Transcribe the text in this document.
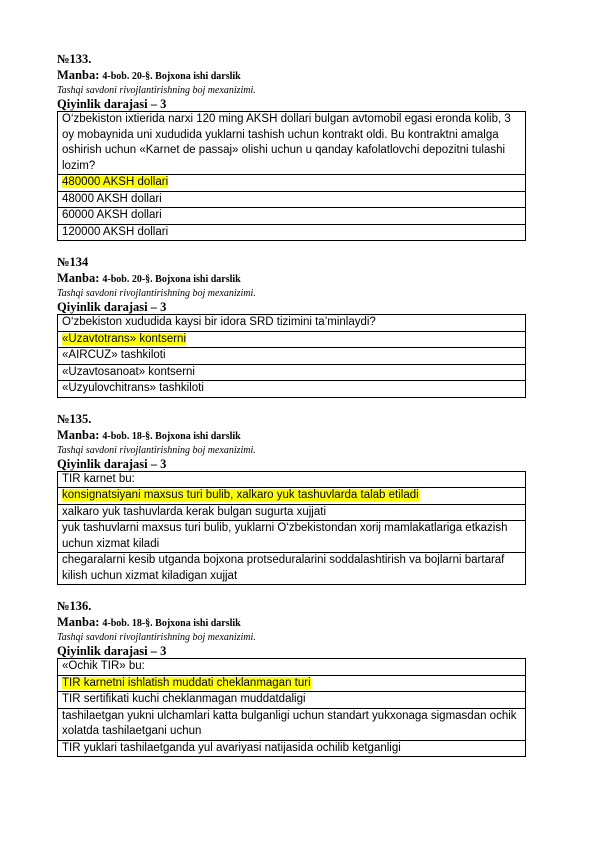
№133.
Manba: 4-bob. 20-§. Bojxona ishi darslik
Tashqi savdoni rivojlantirishning boj mexanizimi.
Qiyinlik darajasi – 3
O‘zbekiston ixtierida narxi 120 ming AKSH dollari bulgan avtomobil egasi eronda kolib, 3 oy mobaynida uni xududida yuklarni tashish uchun kontrakt oldi. Bu kontraktni amalga oshirish uchun «Karnet de passaj» olishi uchun u qanday kafolatlovchi depozitni tulashi lozim?
480000 AKSH dollari
48000 AKSH dollari
60000 AKSH dollari
120000 AKSH dollari
№134
Manba: 4-bob. 20-§. Bojxona ishi darslik
Tashqi savdoni rivojlantirishning boj mexanizimi.
Qiyinlik darajasi – 3
O‘zbekiston xududida kaysi bir idora SRD tizimini ta’minlaydi?
«Uzavtotrans» kontserni
«AIRCUZ» tashkiloti
«Uzavtosanoat» kontserni
«Uzyulovchitrans» tashkiloti
№135.
Manba: 4-bob. 18-§. Bojxona ishi darslik
Tashqi savdoni rivojlantirishning boj mexanizimi.
Qiyinlik darajasi – 3
TIR karnet bu:
konsignatsiyani maxsus turi bulib, xalkaro yuk tashuvlarda talab etiladi
xalkaro yuk tashuvlarda kerak bulgan sugurta xujjati
yuk tashuvlarni maxsus turi bulib, yuklarni O‘zbekistondan xorij mamlakatlariga etkazish uchun xizmat kiladi
chegaralarni kesib utganda bojxona protseduralarini soddalashtirish va bojlarni bartaraf kilish uchun xizmat kiladigan xujjat
№136.
Manba: 4-bob. 18-§. Bojxona ishi darslik
Tashqi savdoni rivojlantirishning boj mexanizimi.
Qiyinlik darajasi – 3
«Ochik TIR» bu:
TIR karnetni ishlatish muddati cheklanmagan turi
TIR sertifikati kuchi cheklanmagan muddatdaligi
tashilaetgan yukni ulchamlari katta bulganligi uchun standart yukxonaga sigmasdan ochik xolatda tashilaetgani uchun
TIR yuklari tashilaetganda yul avariyasi natijasida ochilib ketganligi
